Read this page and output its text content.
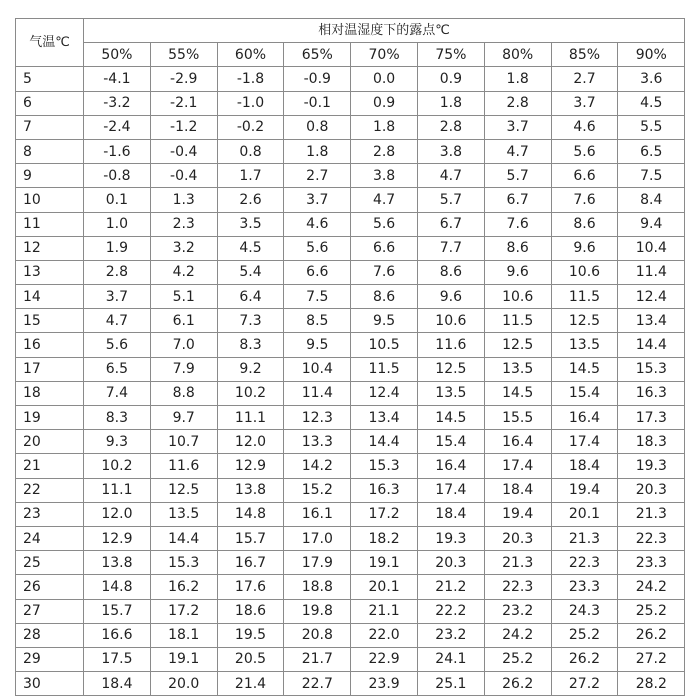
气温℃	相对温湿度下的露点℃								
	50%	55%	60%	65%	70%	75%	80%	85%	90%
5	-4.1	-2.9	-1.8	-0.9	0.0	0.9	1.8	2.7	3.6
6	-3.2	-2.1	-1.0	-0.1	0.9	1.8	2.8	3.7	4.5
7	-2.4	-1.2	-0.2	0.8	1.8	2.8	3.7	4.6	5.5
8	-1.6	-0.4	0.8	1.8	2.8	3.8	4.7	5.6	6.5
9	-0.8	-0.4	1.7	2.7	3.8	4.7	5.7	6.6	7.5
10	0.1	1.3	2.6	3.7	4.7	5.7	6.7	7.6	8.4
11	1.0	2.3	3.5	4.6	5.6	6.7	7.6	8.6	9.4
12	1.9	3.2	4.5	5.6	6.6	7.7	8.6	9.6	10.4
13	2.8	4.2	5.4	6.6	7.6	8.6	9.6	10.6	11.4
14	3.7	5.1	6.4	7.5	8.6	9.6	10.6	11.5	12.4
15	4.7	6.1	7.3	8.5	9.5	10.6	11.5	12.5	13.4
16	5.6	7.0	8.3	9.5	10.5	11.6	12.5	13.5	14.4
17	6.5	7.9	9.2	10.4	11.5	12.5	13.5	14.5	15.3
18	7.4	8.8	10.2	11.4	12.4	13.5	14.5	15.4	16.3
19	8.3	9.7	11.1	12.3	13.4	14.5	15.5	16.4	17.3
20	9.3	10.7	12.0	13.3	14.4	15.4	16.4	17.4	18.3
21	10.2	11.6	12.9	14.2	15.3	16.4	17.4	18.4	19.3
22	11.1	12.5	13.8	15.2	16.3	17.4	18.4	19.4	20.3
23	12.0	13.5	14.8	16.1	17.2	18.4	19.4	20.1	21.3
24	12.9	14.4	15.7	17.0	18.2	19.3	20.3	21.3	22.3
25	13.8	15.3	16.7	17.9	19.1	20.3	21.3	22.3	23.3
26	14.8	16.2	17.6	18.8	20.1	21.2	22.3	23.3	24.2
27	15.7	17.2	18.6	19.8	21.1	22.2	23.2	24.3	25.2
28	16.6	18.1	19.5	20.8	22.0	23.2	24.2	25.2	26.2
29	17.5	19.1	20.5	21.7	22.9	24.1	25.2	26.2	27.2
30	18.4	20.0	21.4	22.7	23.9	25.1	26.2	27.2	28.2
